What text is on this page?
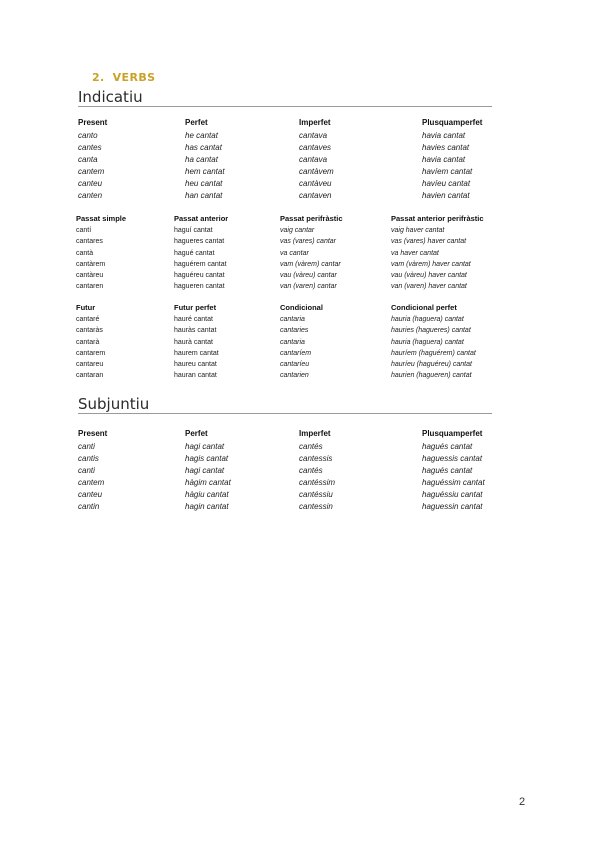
2. VERBS
Indicatiu
Present	Perfet	Imperfet	Plusquamperfet
canto	he cantat	cantava	havia cantat
cantes	has cantat	cantaves	havies cantat
canta	ha cantat	cantava	havia cantat
cantem	hem cantat	cantàvem	havíem cantat
canteu	heu cantat	cantàveu	havíeu cantat
canten	han cantat	cantaven	havien cantat
Passat simple	Passat anterior	Passat perifràstic	Passat anterior perifràstic
cantí	haguí cantat	vaig cantar	vaig haver cantat
cantares	hagueres cantat	vas (vares) cantar	vas (vares) haver cantat
cantà	hagué cantat	va cantar	va haver cantat
cantàrem	haguérem cantat	vam (vàrem) cantar	vam (vàrem) haver cantat
cantàreu	haguéreu cantat	vau (vàreu) cantar	vau (vàreu) haver cantat
cantaren	hagueren cantat	van (varen) cantar	van (varen) haver cantat
Futur	Futur perfet	Condicional	Condicional perfet
cantaré	hauré cantat	cantaria	hauria (haguera) cantat
cantaràs	hauràs cantat	cantaries	hauries (hagueres) cantat
cantarà	haurà cantat	cantaria	hauria (haguera) cantat
cantarem	haurem cantat	cantaríem	hauríem (haguérem) cantat
cantareu	haureu cantat	cantaríeu	hauríeu (haguéreu) cantat
cantaran	hauran cantat	cantarien	haurien (hagueren) cantat
Subjuntiu
Present	Perfet	Imperfet	Plusquamperfet
canti	hagi cantat	cantés	hagués cantat
cantis	hagis cantat	cantessis	haguessis cantat
canti	hagi cantat	cantés	hagués cantat
cantem	hàgim cantat	cantéssim	haguéssim cantat
canteu	hàgiu cantat	cantéssiu	haguéssiu cantat
cantin	hagin cantat	cantessin	haguessin cantat
2
